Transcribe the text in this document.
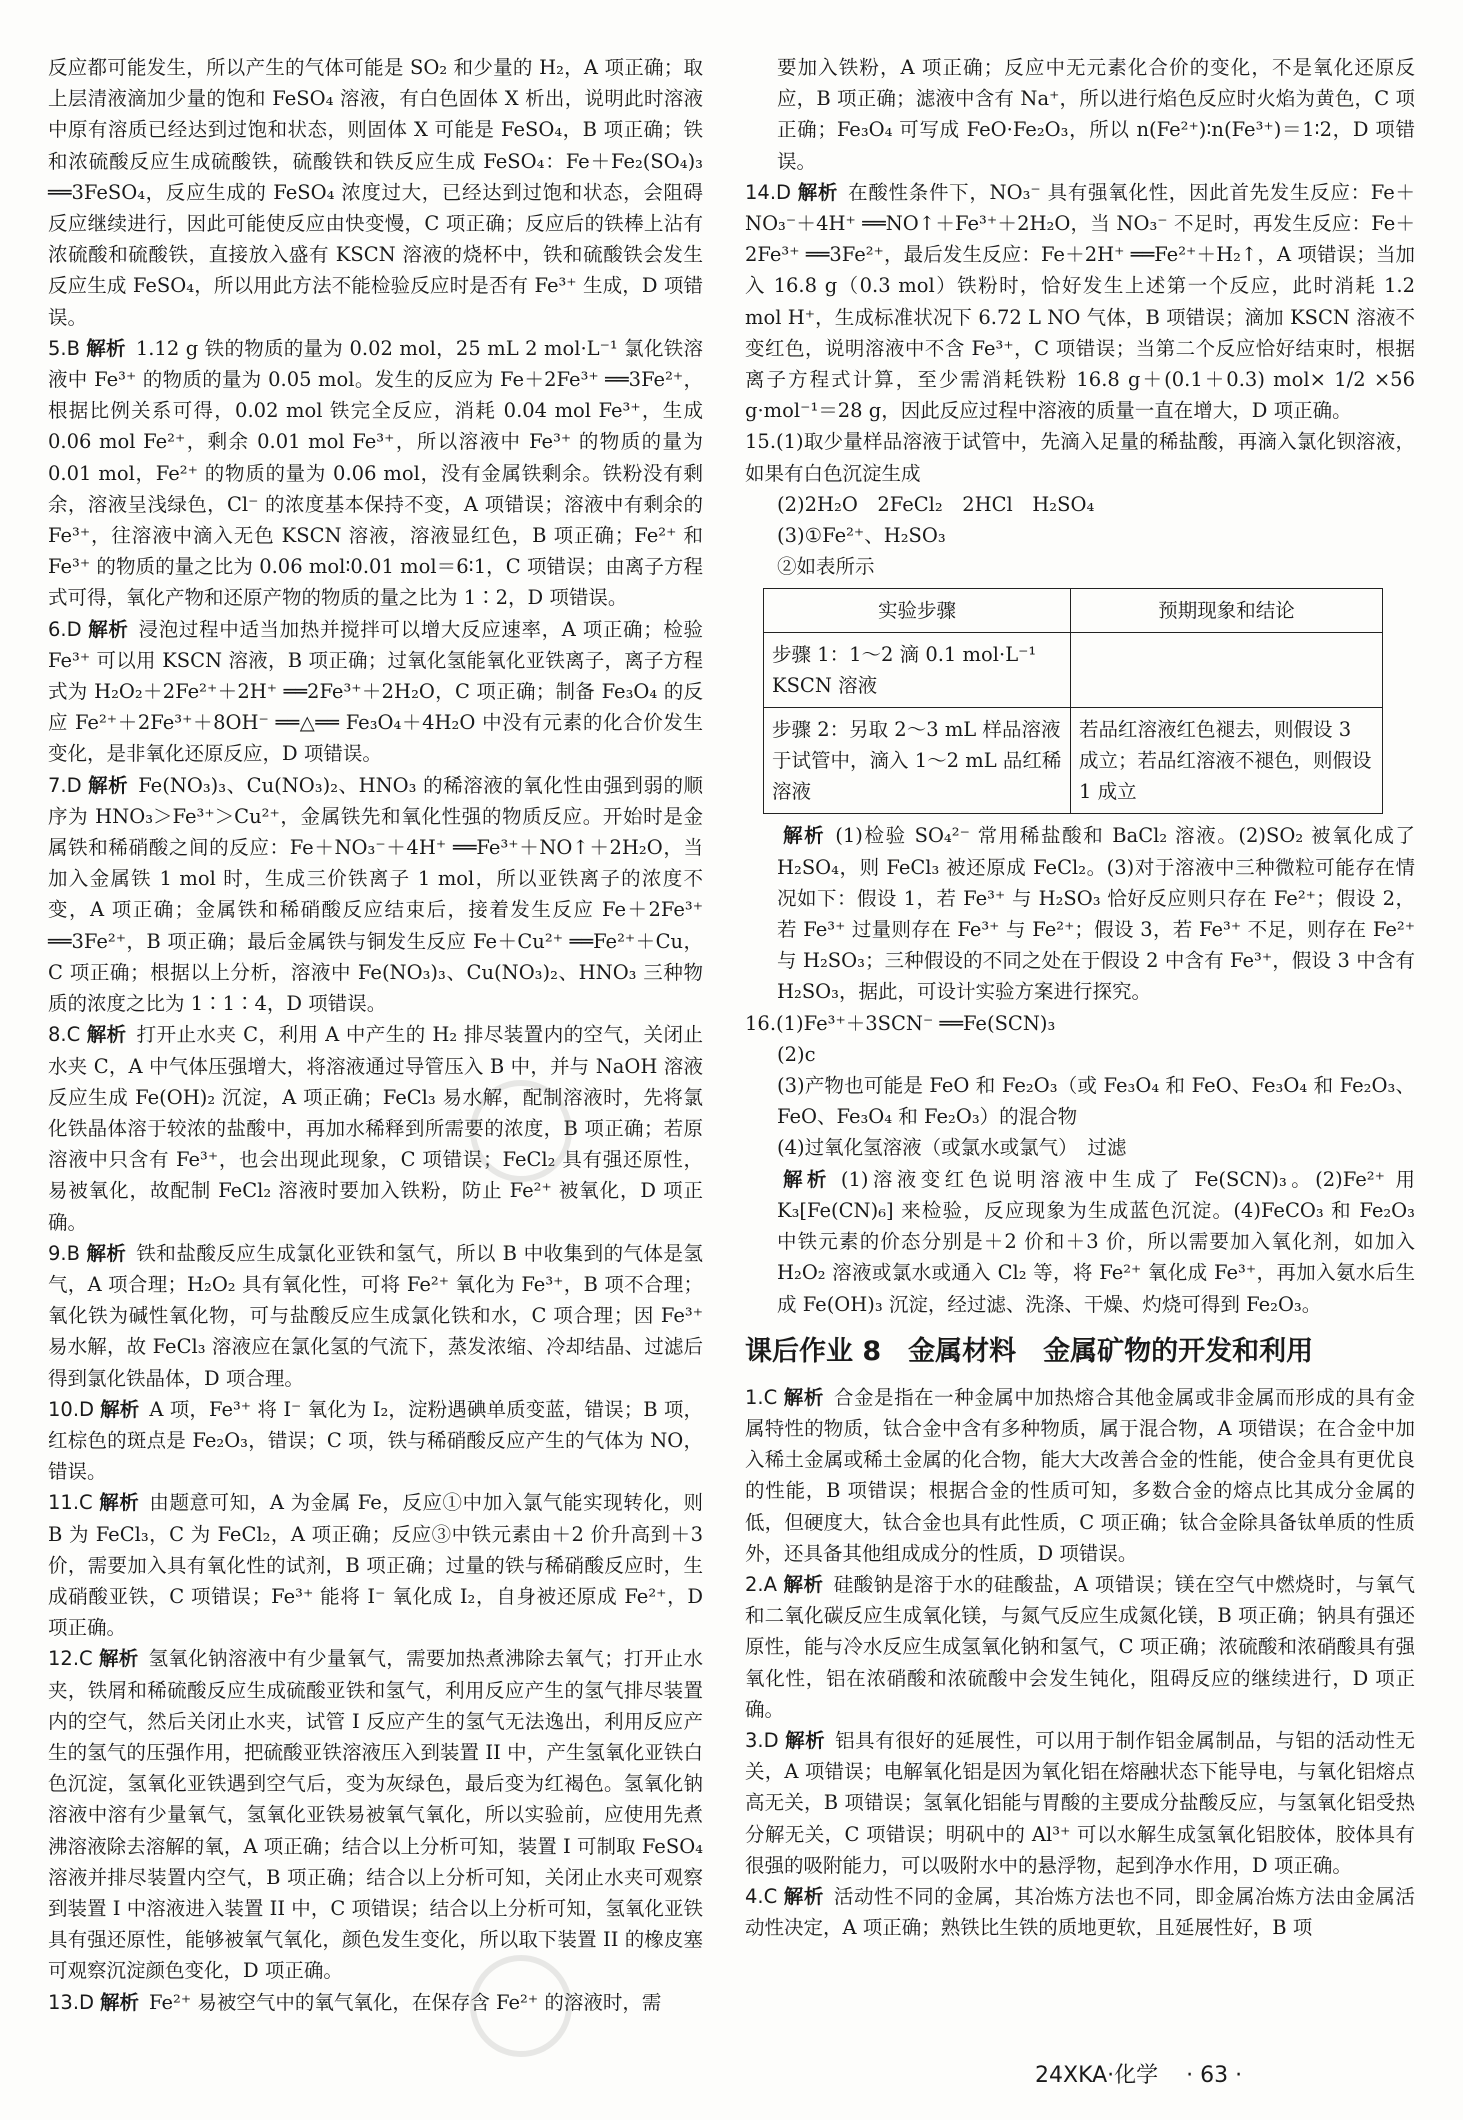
反应都可能发生，所以产生的气体可能是 SO₂ 和少量的 H₂，A 项正确；取上层清液滴加少量的饱和 FeSO₄ 溶液，有白色固体 X 析出，说明此时溶液中原有溶质已经达到过饱和状态，则固体 X 可能是 FeSO₄，B 项正确；铁和浓硫酸反应生成硫酸铁，硫酸铁和铁反应生成 FeSO₄：Fe＋Fe₂(SO₄)₃ ══3FeSO₄，反应生成的 FeSO₄ 浓度过大，已经达到过饱和状态，会阻碍反应继续进行，因此可能使反应由快变慢，C 项正确；反应后的铁棒上沾有浓硫酸和硫酸铁，直接放入盛有 KSCN 溶液的烧杯中，铁和硫酸铁会发生反应生成 FeSO₄，所以用此方法不能检验反应时是否有 Fe³⁺ 生成，D 项错误。

5.B 解析 1.12 g 铁的物质的量为 0.02 mol，25 mL 2 mol·L⁻¹ 氯化铁溶液中 Fe³⁺ 的物质的量为 0.05 mol。发生的反应为 Fe＋2Fe³⁺ ══3Fe²⁺，根据比例关系可得，0.02 mol 铁完全反应，消耗 0.04 mol Fe³⁺，生成 0.06 mol Fe²⁺，剩余 0.01 mol Fe³⁺，所以溶液中 Fe³⁺ 的物质的量为 0.01 mol，Fe²⁺ 的物质的量为 0.06 mol，没有金属铁剩余。铁粉没有剩余，溶液呈浅绿色，Cl⁻ 的浓度基本保持不变，A 项错误；溶液中有剩余的 Fe³⁺，往溶液中滴入无色 KSCN 溶液，溶液显红色，B 项正确；Fe²⁺ 和 Fe³⁺ 的物质的量之比为 0.06 mol∶0.01 mol＝6∶1，C 项错误；由离子方程式可得，氧化产物和还原产物的物质的量之比为 1∶2，D 项错误。

6.D 解析 浸泡过程中适当加热并搅拌可以增大反应速率，A 项正确；检验 Fe³⁺ 可以用 KSCN 溶液，B 项正确；过氧化氢能氧化亚铁离子，离子方程式为 H₂O₂＋2Fe²⁺＋2H⁺ ══2Fe³⁺＋2H₂O，C 项正确；制备 Fe₃O₄ 的反应 Fe²⁺＋2Fe³⁺＋8OH⁻ ══△══ Fe₃O₄＋4H₂O 中没有元素的化合价发生变化，是非氧化还原反应，D 项错误。

7.D 解析 Fe(NO₃)₃、Cu(NO₃)₂、HNO₃ 的稀溶液的氧化性由强到弱的顺序为 HNO₃＞Fe³⁺＞Cu²⁺，金属铁先和氧化性强的物质反应。开始时是金属铁和稀硝酸之间的反应：Fe＋NO₃⁻＋4H⁺ ══Fe³⁺＋NO↑＋2H₂O，当加入金属铁 1 mol 时，生成三价铁离子 1 mol，所以亚铁离子的浓度不变，A 项正确；金属铁和稀硝酸反应结束后，接着发生反应 Fe＋2Fe³⁺ ══3Fe²⁺，B 项正确；最后金属铁与铜发生反应 Fe＋Cu²⁺ ══Fe²⁺＋Cu，C 项正确；根据以上分析，溶液中 Fe(NO₃)₃、Cu(NO₃)₂、HNO₃ 三种物质的浓度之比为 1∶1∶4，D 项错误。

8.C 解析 打开止水夹 C，利用 A 中产生的 H₂ 排尽装置内的空气，关闭止水夹 C，A 中气体压强增大，将溶液通过导管压入 B 中，并与 NaOH 溶液反应生成 Fe(OH)₂ 沉淀，A 项正确；FeCl₃ 易水解，配制溶液时，先将氯化铁晶体溶于较浓的盐酸中，再加水稀释到所需要的浓度，B 项正确；若原溶液中只含有 Fe³⁺，也会出现此现象，C 项错误；FeCl₂ 具有强还原性，易被氧化，故配制 FeCl₂ 溶液时要加入铁粉，防止 Fe²⁺ 被氧化，D 项正确。

9.B 解析 铁和盐酸反应生成氯化亚铁和氢气，所以 B 中收集到的气体是氢气，A 项合理；H₂O₂ 具有氧化性，可将 Fe²⁺ 氧化为 Fe³⁺，B 项不合理；氧化铁为碱性氧化物，可与盐酸反应生成氯化铁和水，C 项合理；因 Fe³⁺ 易水解，故 FeCl₃ 溶液应在氯化氢的气流下，蒸发浓缩、冷却结晶、过滤后得到氯化铁晶体，D 项合理。

10.D 解析 A 项，Fe³⁺ 将 I⁻ 氧化为 I₂，淀粉遇碘单质变蓝，错误；B 项，红棕色的斑点是 Fe₂O₃，错误；C 项，铁与稀硝酸反应产生的气体为 NO，错误。

11.C 解析 由题意可知，A 为金属 Fe，反应①中加入氯气能实现转化，则 B 为 FeCl₃，C 为 FeCl₂，A 项正确；反应③中铁元素由＋2 价升高到＋3 价，需要加入具有氧化性的试剂，B 项正确；过量的铁与稀硝酸反应时，生成硝酸亚铁，C 项错误；Fe³⁺ 能将 I⁻ 氧化成 I₂，自身被还原成 Fe²⁺，D 项正确。

12.C 解析 氢氧化钠溶液中有少量氧气，需要加热煮沸除去氧气；打开止水夹，铁屑和稀硫酸反应生成硫酸亚铁和氢气，利用反应产生的氢气排尽装置内的空气，然后关闭止水夹，试管 I 反应产生的氢气无法逸出，利用反应产生的氢气的压强作用，把硫酸亚铁溶液压入到装置 II 中，产生氢氧化亚铁白色沉淀，氢氧化亚铁遇到空气后，变为灰绿色，最后变为红褐色。氢氧化钠溶液中溶有少量氧气，氢氧化亚铁易被氧气氧化，所以实验前，应使用先煮沸溶液除去溶解的氧，A 项正确；结合以上分析可知，装置 I 可制取 FeSO₄ 溶液并排尽装置内空气，B 项正确；结合以上分析可知，关闭止水夹可观察到装置 I 中溶液进入装置 II 中，C 项错误；结合以上分析可知，氢氧化亚铁具有强还原性，能够被氧气氧化，颜色发生变化，所以取下装置 II 的橡皮塞可观察沉淀颜色变化，D 项正确。

13.D 解析 Fe²⁺ 易被空气中的氧气氧化，在保存含 Fe²⁺ 的溶液时，需

要加入铁粉，A 项正确；反应中无元素化合价的变化，不是氧化还原反应，B 项正确；滤液中含有 Na⁺，所以进行焰色反应时火焰为黄色，C 项正确；Fe₃O₄ 可写成 FeO·Fe₂O₃，所以 n(Fe²⁺)∶n(Fe³⁺)＝1∶2，D 项错误。

14.D 解析 在酸性条件下，NO₃⁻ 具有强氧化性，因此首先发生反应：Fe＋NO₃⁻＋4H⁺ ══NO↑＋Fe³⁺＋2H₂O，当 NO₃⁻ 不足时，再发生反应：Fe＋2Fe³⁺ ══3Fe²⁺，最后发生反应：Fe＋2H⁺ ══Fe²⁺＋H₂↑，A 项错误；当加入 16.8 g（0.3 mol）铁粉时，恰好发生上述第一个反应，此时消耗 1.2 mol H⁺，生成标准状况下 6.72 L NO 气体，B 项错误；滴加 KSCN 溶液不变红色，说明溶液中不含 Fe³⁺，C 项错误；当第二个反应恰好结束时，根据离子方程式计算，至少需消耗铁粉 16.8 g＋(0.1＋0.3) mol× 1/2 ×56 g·mol⁻¹＝28 g，因此反应过程中溶液的质量一直在增大，D 项正确。

15.(1)取少量样品溶液于试管中，先滴入足量的稀盐酸，再滴入氯化钡溶液，如果有白色沉淀生成

(2)2H₂O　2FeCl₂　2HCl　H₂SO₄

(3)①Fe²⁺、H₂SO₃

②如表所示

实验步骤	预期现象和结论
步骤 1：1～2 滴 0.1 mol·L⁻¹ KSCN 溶液	
步骤 2：另取 2～3 mL 样品溶液于试管中，滴入 1～2 mL 品红稀溶液	若品红溶液红色褪去，则假设 3 成立；若品红溶液不褪色，则假设 1 成立

解析 (1)检验 SO₄²⁻ 常用稀盐酸和 BaCl₂ 溶液。(2)SO₂ 被氧化成了 H₂SO₄，则 FeCl₃ 被还原成 FeCl₂。(3)对于溶液中三种微粒可能存在情况如下：假设 1，若 Fe³⁺ 与 H₂SO₃ 恰好反应则只存在 Fe²⁺；假设 2，若 Fe³⁺ 过量则存在 Fe³⁺ 与 Fe²⁺；假设 3，若 Fe³⁺ 不足，则存在 Fe²⁺ 与 H₂SO₃；三种假设的不同之处在于假设 2 中含有 Fe³⁺，假设 3 中含有 H₂SO₃，据此，可设计实验方案进行探究。

16.(1)Fe³⁺＋3SCN⁻ ══Fe(SCN)₃

(2)c

(3)产物也可能是 FeO 和 Fe₂O₃（或 Fe₃O₄ 和 FeO、Fe₃O₄ 和 Fe₂O₃、FeO、Fe₃O₄ 和 Fe₂O₃）的混合物

(4)过氧化氢溶液（或氯水或氯气）　过滤

解析 (1)溶液变红色说明溶液中生成了 Fe(SCN)₃。(2)Fe²⁺ 用 K₃[Fe(CN)₆] 来检验，反应现象为生成蓝色沉淀。(4)FeCO₃ 和 Fe₂O₃ 中铁元素的价态分别是＋2 价和＋3 价，所以需要加入氧化剂，如加入 H₂O₂ 溶液或氯水或通入 Cl₂ 等，将 Fe²⁺ 氧化成 Fe³⁺，再加入氨水后生成 Fe(OH)₃ 沉淀，经过滤、洗涤、干燥、灼烧可得到 Fe₂O₃。

课后作业 8　金属材料　金属矿物的开发和利用

1.C 解析 合金是指在一种金属中加热熔合其他金属或非金属而形成的具有金属特性的物质，钛合金中含有多种物质，属于混合物，A 项错误；在合金中加入稀土金属或稀土金属的化合物，能大大改善合金的性能，使合金具有更优良的性能，B 项错误；根据合金的性质可知，多数合金的熔点比其成分金属的低，但硬度大，钛合金也具有此性质，C 项正确；钛合金除具备钛单质的性质外，还具备其他组成成分的性质，D 项错误。

2.A 解析 硅酸钠是溶于水的硅酸盐，A 项错误；镁在空气中燃烧时，与氧气和二氧化碳反应生成氧化镁，与氮气反应生成氮化镁，B 项正确；钠具有强还原性，能与冷水反应生成氢氧化钠和氢气，C 项正确；浓硫酸和浓硝酸具有强氧化性，铝在浓硝酸和浓硫酸中会发生钝化，阻碍反应的继续进行，D 项正确。

3.D 解析 铝具有很好的延展性，可以用于制作铝金属制品，与铝的活动性无关，A 项错误；电解氧化铝是因为氧化铝在熔融状态下能导电，与氧化铝熔点高无关，B 项错误；氢氧化铝能与胃酸的主要成分盐酸反应，与氢氧化铝受热分解无关，C 项错误；明矾中的 Al³⁺ 可以水解生成氢氧化铝胶体，胶体具有很强的吸附能力，可以吸附水中的悬浮物，起到净水作用，D 项正确。

4.C 解析 活动性不同的金属，其冶炼方法也不同，即金属冶炼方法由金属活动性决定，A 项正确；熟铁比生铁的质地更软，且延展性好，B 项

24XKA·化学 · 63 ·
